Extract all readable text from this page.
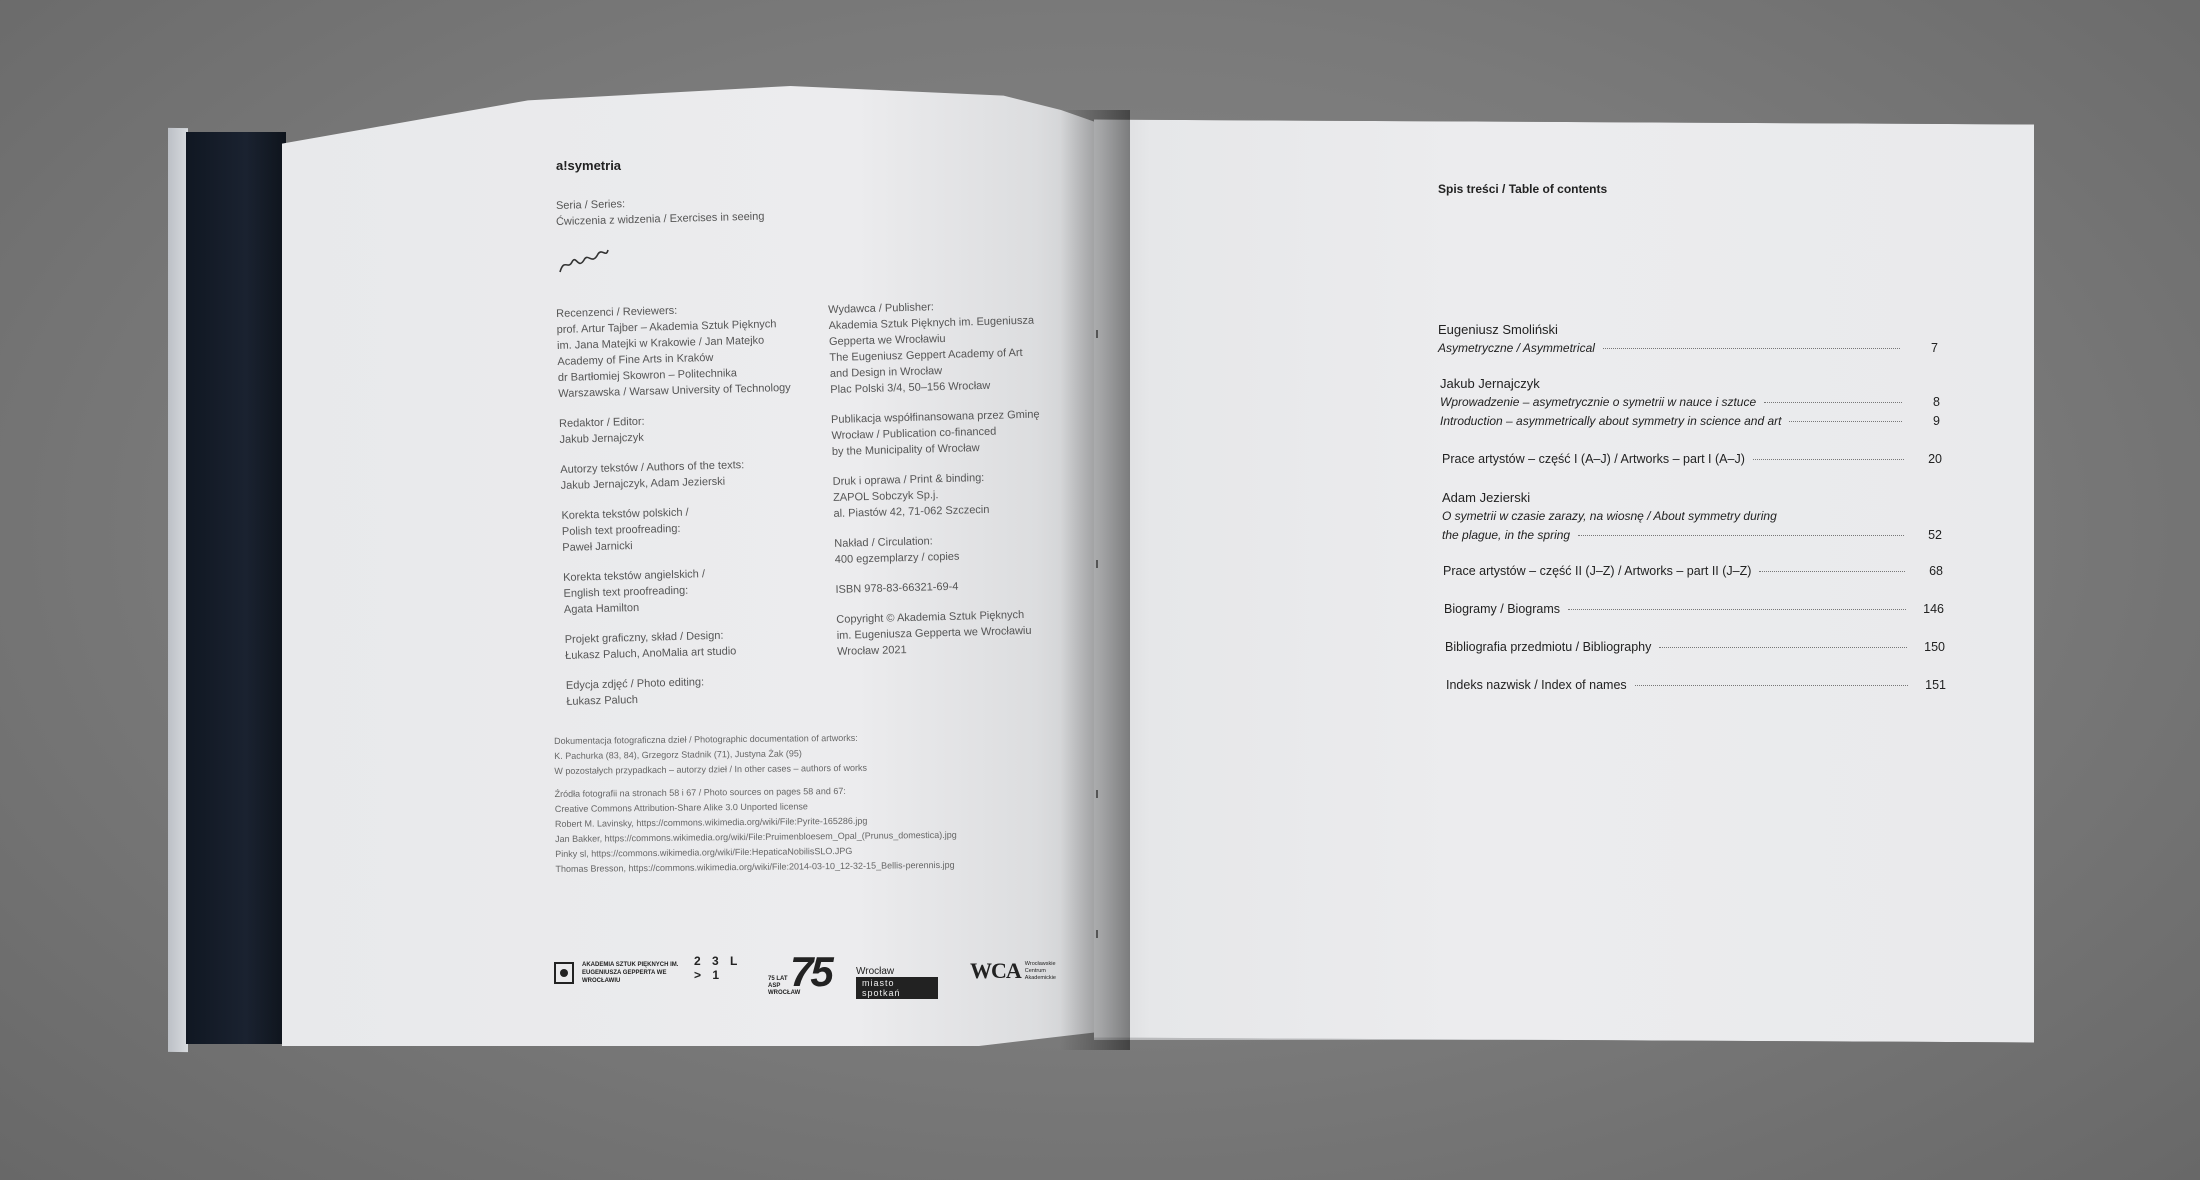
a!symetria
Seria / Series:
Ćwiczenia z widzenia / Exercises in seeing
Recenzenci / Reviewers:
prof. Artur Tajber – Akademia Sztuk Pięknych
im. Jana Matejki w Krakowie / Jan Matejko
Academy of Fine Arts in Kraków
dr Bartłomiej Skowron – Politechnika
Warszawska / Warsaw University of Technology
Redaktor / Editor:
Jakub Jernajczyk
Autorzy tekstów / Authors of the texts:
Jakub Jernajczyk, Adam Jezierski
Korekta tekstów polskich /
Polish text proofreading:
Paweł Jarnicki
Korekta tekstów angielskich /
English text proofreading:
Agata Hamilton
Projekt graficzny, skład / Design:
Łukasz Paluch, AnoMalia art studio
Edycja zdjęć / Photo editing:
Łukasz Paluch
Wydawca / Publisher:
Akademia Sztuk Pięknych im. Eugeniusza
Gepperta we Wrocławiu
The Eugeniusz Geppert Academy of Art
and Design in Wrocław
Plac Polski 3/4, 50–156 Wrocław
Publikacja współfinansowana przez Gminę
Wrocław / Publication co-financed
by the Municipality of Wrocław
Druk i oprawa / Print & binding:
ZAPOL Sobczyk Sp.j.
al. Piastów 42, 71-062 Szczecin
Nakład / Circulation:
400 egzemplarzy / copies
ISBN 978-83-66321-69-4
Copyright © Akademia Sztuk Pięknych
im. Eugeniusza Gepperta we Wrocławiu
Wrocław 2021
Dokumentacja fotograficzna dzieł / Photographic documentation of artworks:
K. Pachurka (83, 84), Grzegorz Stadnik (71), Justyna Żak (95)
W pozostałych przypadkach – autorzy dzieł / In other cases – authors of works

Źródła fotografii na stronach 58 i 67 / Photo sources on pages 58 and 67:
Creative Commons Attribution-Share Alike 3.0 Unported license
Robert M. Lavinsky, https://commons.wikimedia.org/wiki/File:Pyrite-165286.jpg
Jan Bakker, https://commons.wikimedia.org/wiki/File:Pruimenbloesem_Opal_(Prunus_domestica).jpg
Pinky sl, https://commons.wikimedia.org/wiki/File:HepaticaNobilisSLO.JPG
Thomas Bresson, https://commons.wikimedia.org/wiki/File:2014-03-10_12-32-15_Bellis-perennis.jpg
AKADEMIA SZTUK PIĘKNYCH IM. EUGENIUSZA GEPPERTA WE WROCŁAWIU
2 3 L > 1	75 LAT ASP WROCŁAW
75	Wrocław
miasto spotkań
WCA Wrocławskie Centrum Akademickie
Spis treści / Table of contents
Eugeniusz Smoliński
Asymetryczne / Asymmetrical	7
Jakub Jernajczyk
Wprowadzenie – asymetrycznie o symetrii w nauce i sztuce	8
Introduction – asymmetrically about symmetry in science and art	9
Prace artystów – część I (A–J) / Artworks – part I (A–J)	20
Adam Jezierski
O symetrii w czasie zarazy, na wiosnę / About symmetry during
the plague, in the spring	52
Prace artystów – część II (J–Z) / Artworks – part II (J–Z)	68
Biogramy / Biograms	146
Bibliografia przedmiotu / Bibliography	150
Indeks nazwisk / Index of names	151
